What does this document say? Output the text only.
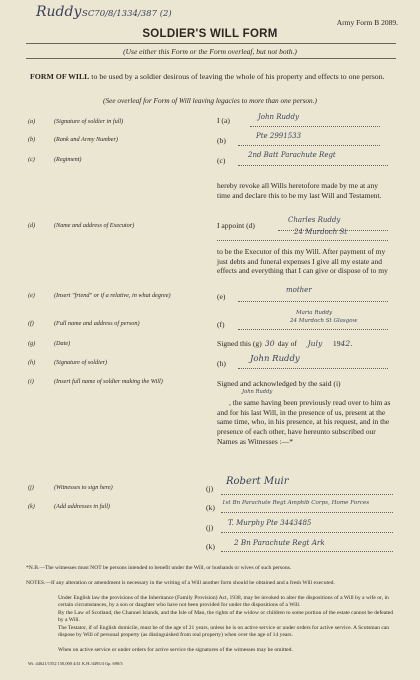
Ruddy SC70/8/1334/387 (2)
Army Form B 2089.
SOLDIER'S WILL FORM
(Use either this Form or the Form overleaf, but not both.)
FORM OF WILL to be used by a soldier desirous of leaving the whole of his property and effects to one person.
(See overleaf for Form of Will leaving legacies to more than one person.)
(a)	(Signature of soldier in full)	I (a)	John Ruddy
(b)	(Rank and Army Number)	(b)	Pte 2991533
(c)	(Regiment)	(c)
2nd Batt Parachute Regt
hereby revoke all Wills heretofore made by me at any time and declare this to be my last Will and Testament.
(d)	(Name and address of Executor)	I appoint (d)
Charles Ruddy
24 Murdoch St
to be the Executor of this my Will. After payment of my just debts and funeral expenses I give all my estate and effects and everything that I can give or dispose of to my
(e)	(Insert "friend" or if a relative, in what degree)	(e)
mother
(f)	(Full name and address of person)	(f)
Maria Ruddy
24 Murdoch St Glasgow
(g)	(Date)	Signed this (g) 30 day of July 1942.
(h)	(Signature of soldier)	(h)	John Ruddy
(i)	(Insert full name of soldier making the Will)	Signed and acknowledged by the said (i)
John Ruddy
, the same having been previously read over to him as and for his last Will, in the presence of us, present at the same time, who, in his presence, at his request, and in the presence of each other, have hereunto subscribed our Names as Witnesses :—*
(j)	(Witnesses to sign here)	(j)
Robert Muir
(k)	(Add addresses in full)	(k) 1st Bn Parachute Regt Amphib Corps, Home Forces
(j) T. Murphy Pte 3443485
(k)	2 Bn Parachute Regt Ark
*N.B.—The witnesses must NOT be persons intended to benefit under the Will, or husbands or wives of such persons.
NOTES.—If any alteration or amendment is necessary in the writing of a Will another form should be obtained and a fresh Will executed.
Under English law the provisions of the Inheritance (Family Provision) Act, 1938, may be invoked to alter the dispositions of a Will by a wife or, in certain circumstances, by a son or daughter who have not been provided for under the dispositions of a Will.
By the Law of Scotland, the Channel Islands, and the Isle of Man, the rights of the widow or children to some portion of the estate cannot be defeated by a Will.
The Testator, if of English domicile, must be of the age of 21 years, unless he is on active service or under orders for active service. A Scotsman can dispose by Will of personal property (as distinguished from real property) when over the age of 14 years.
When on active service or under orders for active service the signatures of the witnesses may be omitted.
Wt. 44621/1552 150,000 4/41 K.H./4495/4 Gp. 698/3
